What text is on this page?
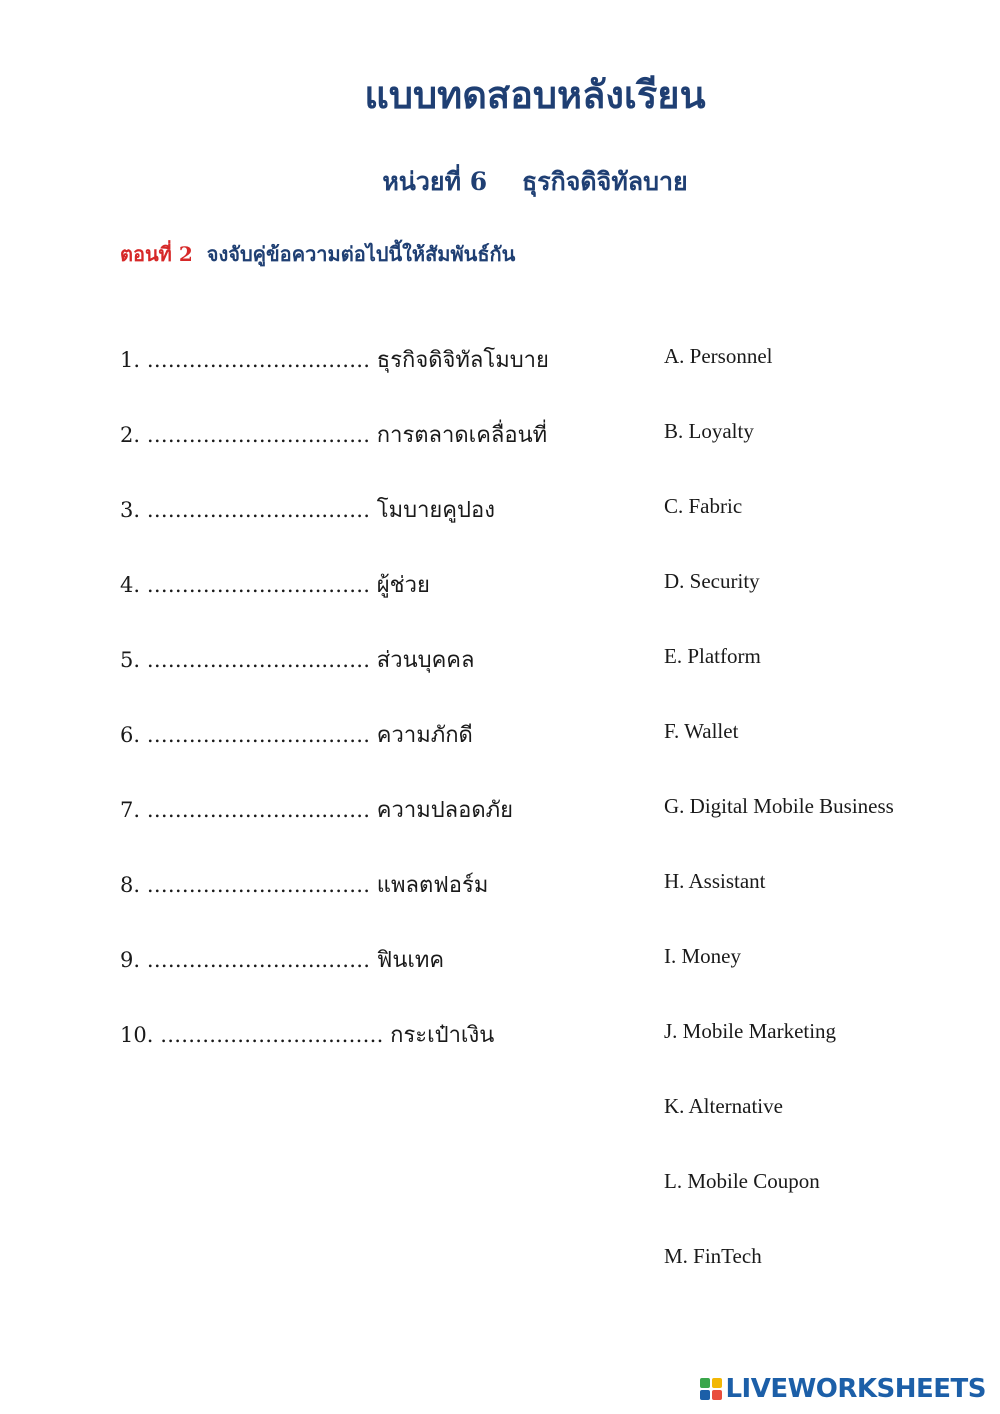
แบบทดสอบหลังเรียน
หน่วยที่ 6    ธุรกิจดิจิทัลบาย
ตอนที่ 2 จงจับคู่ข้อความต่อไปนี้ให้สัมพันธ์กัน
1. ……………………..…… ธุรกิจดิจิทัลโมบาย
2. ……………………..…… การตลาดเคลื่อนที่
3. ……………………..…… โมบายคูปอง
4. ……………………..…… ผู้ช่วย
5. ……………………..…… ส่วนบุคคล
6. ……………………..…… ความภักดี
7. ……………………..…… ความปลอดภัย
8. ……………………..…… แพลตฟอร์ม
9. ……………………..…… ฟินเทค
10. ……………………..…… กระเป๋าเงิน
A. Personnel
B. Loyalty
C. Fabric
D. Security
E. Platform
F. Wallet
G. Digital Mobile Business
H. Assistant
I. Money
J. Mobile Marketing
K. Alternative
L. Mobile Coupon
M. FinTech
LIVEWORKSHEETS
